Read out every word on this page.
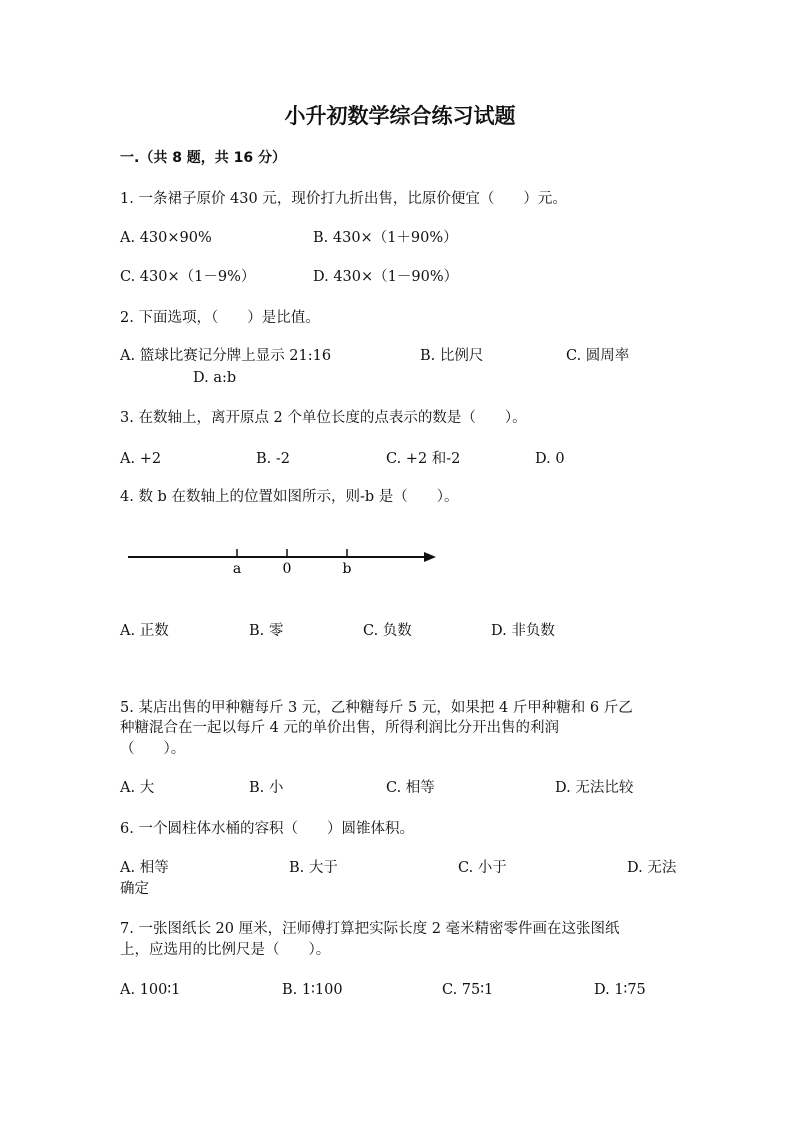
小升初数学综合练习试题
一.（共 8 题，共 16 分）
1. 一条裙子原价 430 元，现价打九折出售，比原价便宜（　　）元。
A. 430×90%	B. 430×（1＋90%）
C. 430×（1－9%）	D. 430×（1－90%）
2. 下面选项，（　　）是比值。
A. 篮球比赛记分牌上显示 21:16	B. 比例尺	C. 圆周率
D. a:b
3. 在数轴上，离开原点 2 个单位长度的点表示的数是（　　）。
A. +2	B. -2	C. +2 和-2	D. 0
4. 数 b 在数轴上的位置如图所示，则-b 是（　　）。
a	0	b
A. 正数	B. 零	C. 负数	D. 非负数
5. 某店出售的甲种糖每斤 3 元，乙种糖每斤 5 元，如果把 4 斤甲种糖和 6 斤乙
种糖混合在一起以每斤 4 元的单价出售，所得利润比分开出售的利润
（　　）。
A. 大	B. 小	C. 相等	D. 无法比较
6. 一个圆柱体水桶的容积（　　）圆锥体积。
A. 相等	B. 大于	C. 小于	D. 无法
确定
7. 一张图纸长 20 厘米，汪师傅打算把实际长度 2 毫米精密零件画在这张图纸
上，应选用的比例尺是（　　）。
A. 100∶1	B. 1∶100	C. 75∶1	D. 1∶75
